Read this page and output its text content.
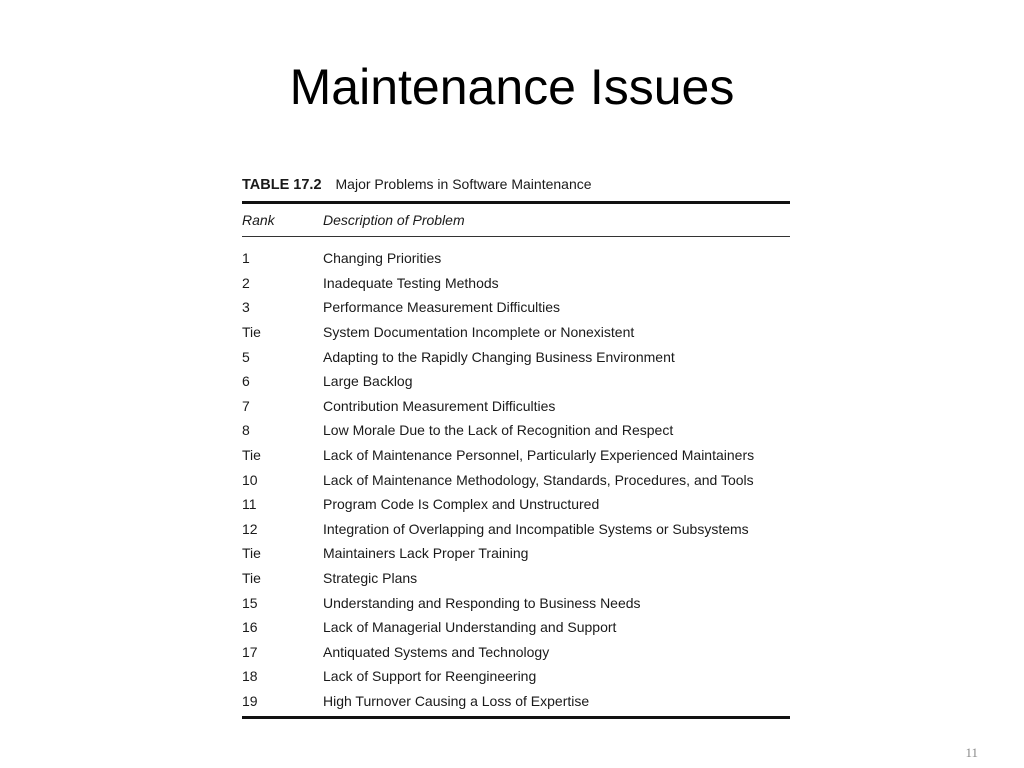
Maintenance Issues
TABLE 17.2 Major Problems in Software Maintenance
Rank	Description of Problem
1	Changing Priorities
2	Inadequate Testing Methods
3	Performance Measurement Difficulties
Tie	System Documentation Incomplete or Nonexistent
5	Adapting to the Rapidly Changing Business Environment
6	Large Backlog
7	Contribution Measurement Difficulties
8	Low Morale Due to the Lack of Recognition and Respect
Tie	Lack of Maintenance Personnel, Particularly Experienced Maintainers
10	Lack of Maintenance Methodology, Standards, Procedures, and Tools
11	Program Code Is Complex and Unstructured
12	Integration of Overlapping and Incompatible Systems or Subsystems
Tie	Maintainers Lack Proper Training
Tie	Strategic Plans
15	Understanding and Responding to Business Needs
16	Lack of Managerial Understanding and Support
17	Antiquated Systems and Technology
18	Lack of Support for Reengineering
19	High Turnover Causing a Loss of Expertise
11
